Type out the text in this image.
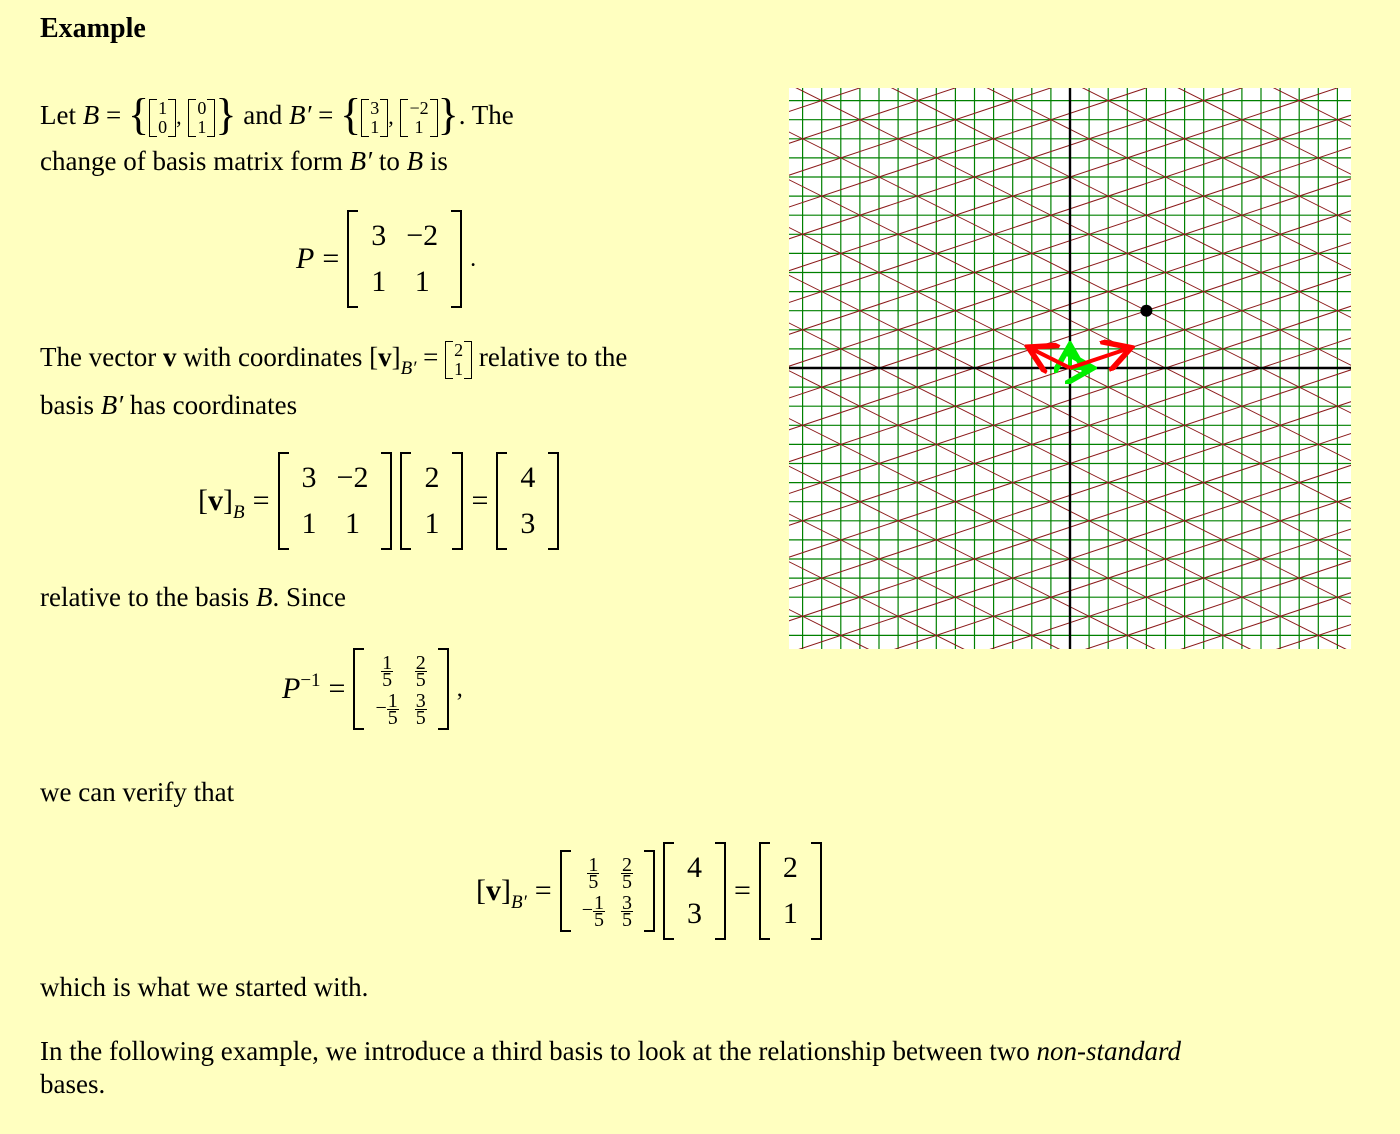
Example
Let B = { 1
0 , 0
1 } and B′ = { 3
1 , −2
1 }. The
change of basis matrix form B′ to B is
P =
3	−2
1	1
.
The vector v with coordinates $[v]_{B'} = 2$
1 relative to the
basis B′ has coordinates
$[v]_B$ =
3	−2
1	1
2
1
=
4
3
relative to the basis B. Since
$P^{-1}$ =
$\frac{1}{5}$	$\frac{2}{5}$

− $\frac{1}{5}$	$\frac{3}{5}$
,
we can verify that
$[v]_{B'}$ =
$\frac{1}{5}$	$\frac{2}{5}$

− $\frac{1}{5}$	$\frac{3}{5}$
4
3
=
2
1
which is what we started with.
In the following example, we introduce a third basis to look at the relationship between two non-standard
bases.
